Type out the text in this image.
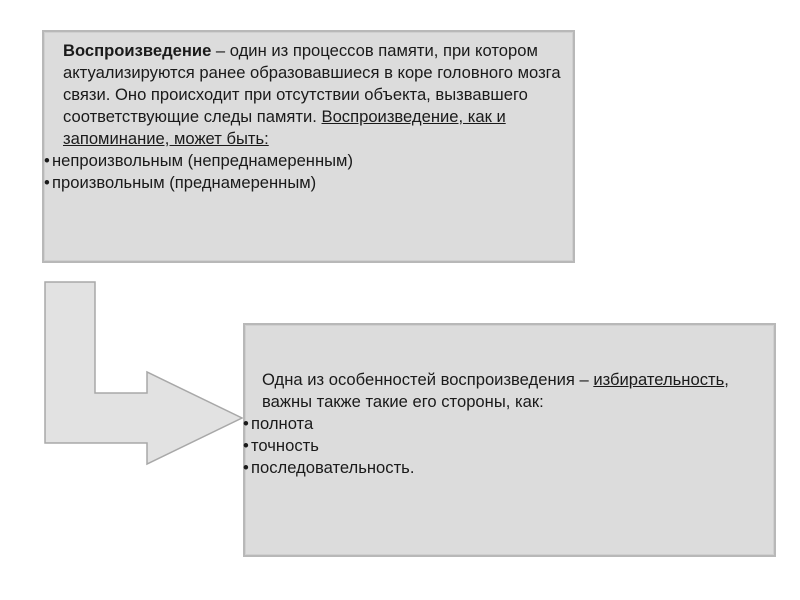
Воспроизведение – один из процессов памяти, при котором актуализируются ранее образовавшиеся в коре головного мозга связи. Оно происходит при отсутствии объекта, вызвавшего соответствующие следы памяти. Воспроизведение, как и запоминание, может быть:

• непроизвольным (непреднамеренным)
• произвольным (преднамеренным)

Одна из особенностей воспроизведения – избирательность, важны также такие его стороны, как:

• полнота
• точность
• последовательность.
